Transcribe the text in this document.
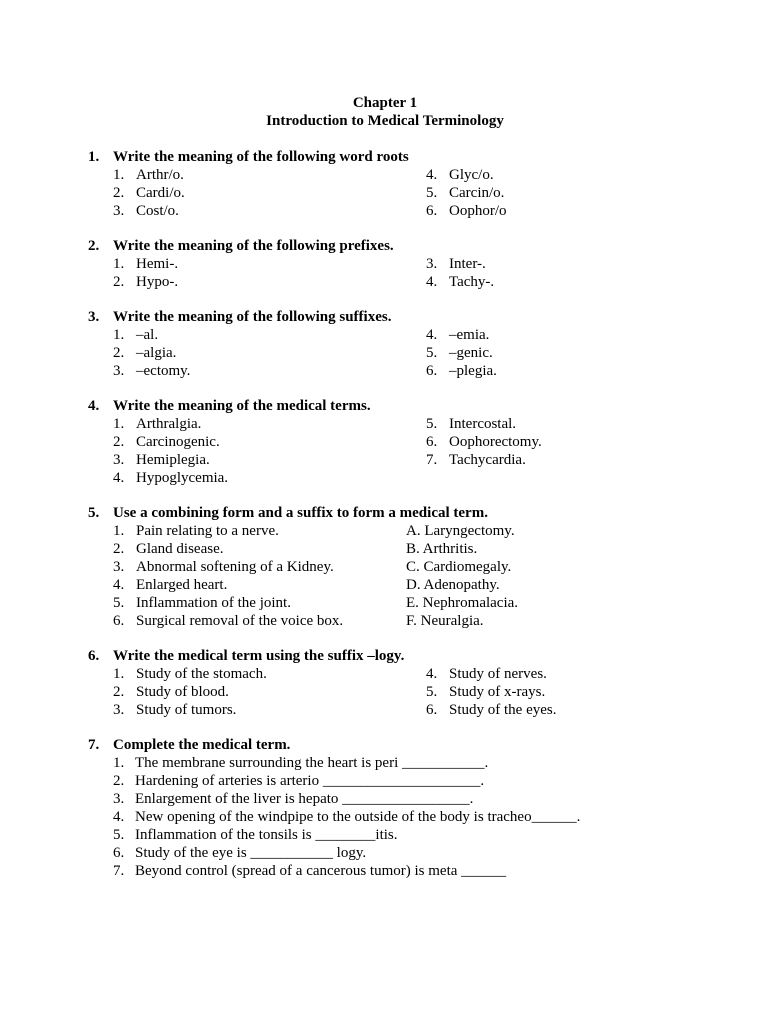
Chapter 1
Introduction to Medical Terminology
1. Write the meaning of the following word roots
1. Arthr/o.
2. Cardi/o.
3. Cost/o.
4. Glyc/o.
5. Carcin/o.
6. Oophor/o
2. Write the meaning of the following prefixes.
1. Hemi-.
2. Hypo-.
3. Inter-.
4. Tachy-.
3. Write the meaning of the following suffixes.
1. –al.
2. –algia.
3. –ectomy.
4. –emia.
5. –genic.
6. –plegia.
4. Write the meaning of the medical terms.
1. Arthralgia.
2. Carcinogenic.
3. Hemiplegia.
4. Hypoglycemia.
5. Intercostal.
6. Oophorectomy.
7. Tachycardia.
5. Use a combining form and a suffix to form a medical term.
1. Pain relating to a nerve.
2. Gland disease.
3. Abnormal softening of a Kidney.
4. Enlarged heart.
5. Inflammation of the joint.
6. Surgical removal of the voice box.
A. Laryngectomy.
B. Arthritis.
C. Cardiomegaly.
D. Adenopathy.
E. Nephromalacia.
F. Neuralgia.
6. Write the medical term using the suffix –logy.
1. Study of the stomach.
2. Study of blood.
3. Study of tumors.
4. Study of nerves.
5. Study of x-rays.
6. Study of the eyes.
7. Complete the medical term.
1. The membrane surrounding the heart is peri ___________.
2. Hardening of arteries is arterio _____________________.
3. Enlargement of the liver is hepato _________________.
4. New opening of the windpipe to the outside of the body is tracheo______.
5. Inflammation of the tonsils is ________itis.
6. Study of the eye is ___________ logy.
7. Beyond control (spread of a cancerous tumor) is meta ______
